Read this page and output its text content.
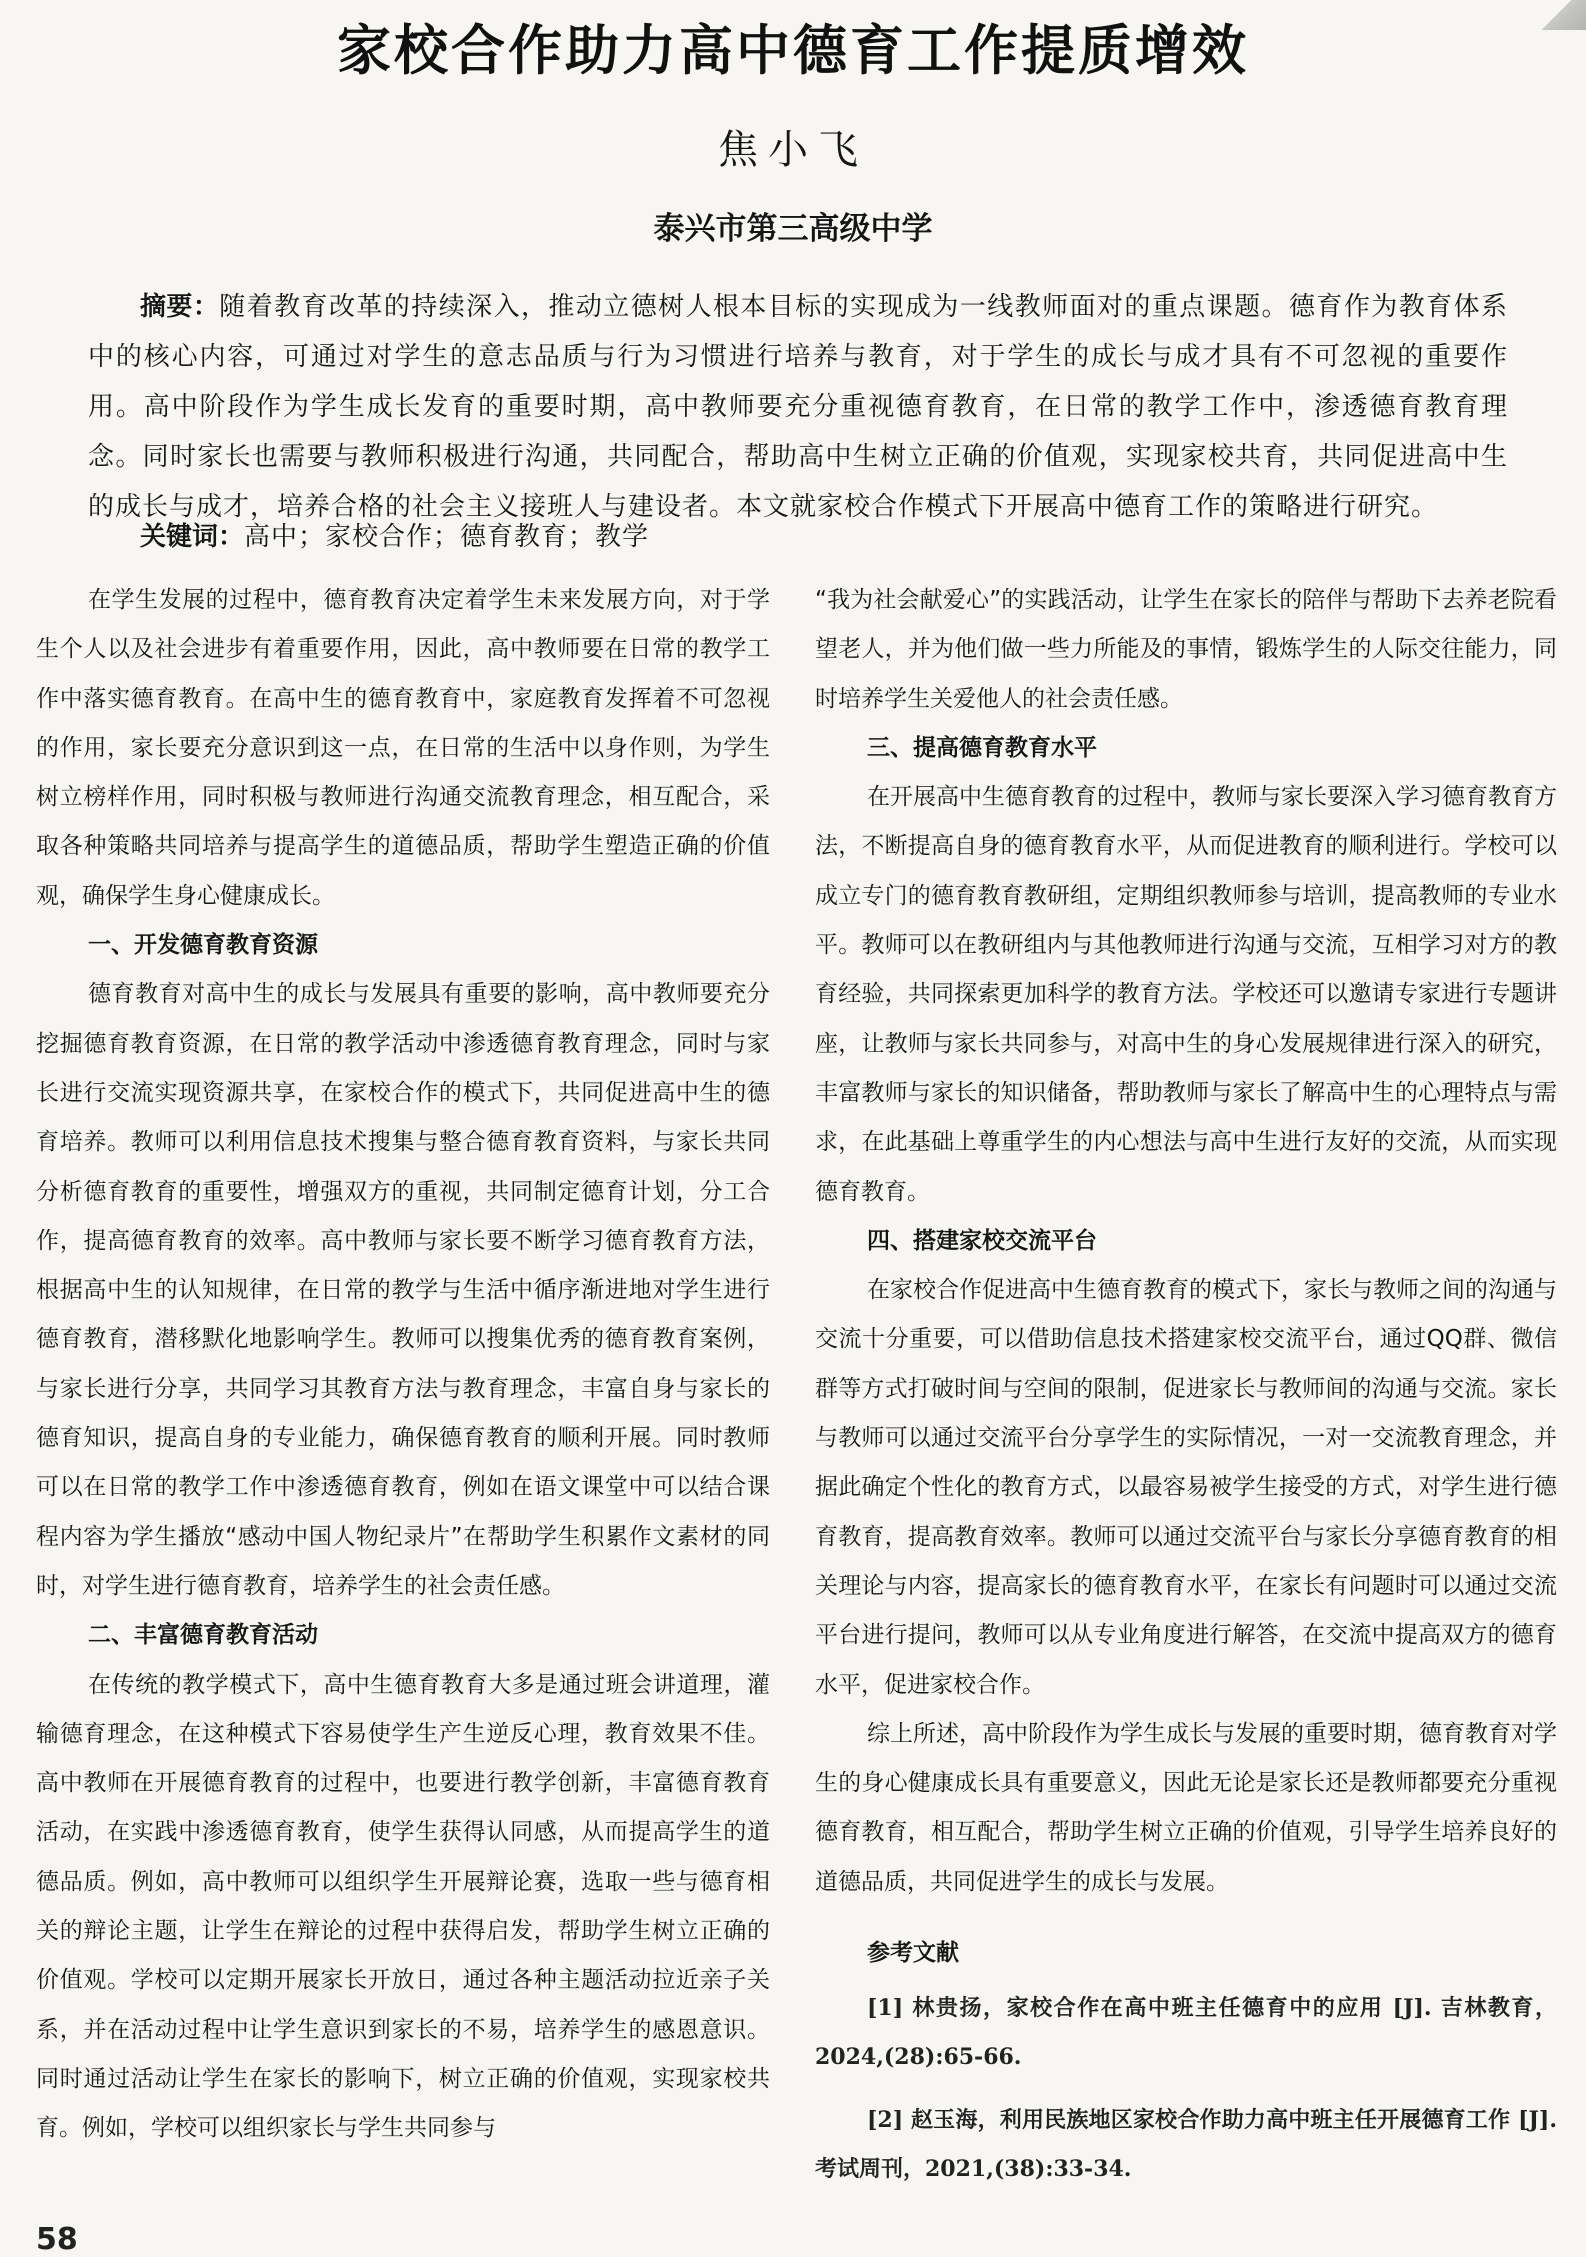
家校合作助力高中德育工作提质增效
焦小飞
泰兴市第三高级中学
摘要：随着教育改革的持续深入，推动立德树人根本目标的实现成为一线教师面对的重点课题。德育作为教育体系中的核心内容，可通过对学生的意志品质与行为习惯进行培养与教育，对于学生的成长与成才具有不可忽视的重要作用。高中阶段作为学生成长发育的重要时期，高中教师要充分重视德育教育，在日常的教学工作中，渗透德育教育理念。同时家长也需要与教师积极进行沟通，共同配合，帮助高中生树立正确的价值观，实现家校共育，共同促进高中生的成长与成才，培养合格的社会主义接班人与建设者。本文就家校合作模式下开展高中德育工作的策略进行研究。
关键词：高中；家校合作；德育教育；教学

在学生发展的过程中，德育教育决定着学生未来发展方向，对于学生个人以及社会进步有着重要作用，因此，高中教师要在日常的教学工作中落实德育教育。在高中生的德育教育中，家庭教育发挥着不可忽视的作用，家长要充分意识到这一点，在日常的生活中以身作则，为学生树立榜样作用，同时积极与教师进行沟通交流教育理念，相互配合，采取各种策略共同培养与提高学生的道德品质，帮助学生塑造正确的价值观，确保学生身心健康成长。

一、开发德育教育资源

德育教育对高中生的成长与发展具有重要的影响，高中教师要充分挖掘德育教育资源，在日常的教学活动中渗透德育教育理念，同时与家长进行交流实现资源共享，在家校合作的模式下，共同促进高中生的德育培养。教师可以利用信息技术搜集与整合德育教育资料，与家长共同分析德育教育的重要性，增强双方的重视，共同制定德育计划，分工合作，提高德育教育的效率。高中教师与家长要不断学习德育教育方法，根据高中生的认知规律，在日常的教学与生活中循序渐进地对学生进行德育教育，潜移默化地影响学生。教师可以搜集优秀的德育教育案例，与家长进行分享，共同学习其教育方法与教育理念，丰富自身与家长的德育知识，提高自身的专业能力，确保德育教育的顺利开展。同时教师可以在日常的教学工作中渗透德育教育，例如在语文课堂中可以结合课程内容为学生播放“感动中国人物纪录片”在帮助学生积累作文素材的同时，对学生进行德育教育，培养学生的社会责任感。

二、丰富德育教育活动

在传统的教学模式下，高中生德育教育大多是通过班会讲道理，灌输德育理念，在这种模式下容易使学生产生逆反心理，教育效果不佳。高中教师在开展德育教育的过程中，也要进行教学创新，丰富德育教育活动，在实践中渗透德育教育，使学生获得认同感，从而提高学生的道德品质。例如，高中教师可以组织学生开展辩论赛，选取一些与德育相关的辩论主题，让学生在辩论的过程中获得启发，帮助学生树立正确的价值观。学校可以定期开展家长开放日，通过各种主题活动拉近亲子关系，并在活动过程中让学生意识到家长的不易，培养学生的感恩意识。同时通过活动让学生在家长的影响下，树立正确的价值观，实现家校共育。例如，学校可以组织家长与学生共同参与

“我为社会献爱心”的实践活动，让学生在家长的陪伴与帮助下去养老院看望老人，并为他们做一些力所能及的事情，锻炼学生的人际交往能力，同时培养学生关爱他人的社会责任感。

三、提高德育教育水平

在开展高中生德育教育的过程中，教师与家长要深入学习德育教育方法，不断提高自身的德育教育水平，从而促进教育的顺利进行。学校可以成立专门的德育教育教研组，定期组织教师参与培训，提高教师的专业水平。教师可以在教研组内与其他教师进行沟通与交流，互相学习对方的教育经验，共同探索更加科学的教育方法。学校还可以邀请专家进行专题讲座，让教师与家长共同参与，对高中生的身心发展规律进行深入的研究，丰富教师与家长的知识储备，帮助教师与家长了解高中生的心理特点与需求，在此基础上尊重学生的内心想法与高中生进行友好的交流，从而实现德育教育。

四、搭建家校交流平台

在家校合作促进高中生德育教育的模式下，家长与教师之间的沟通与交流十分重要，可以借助信息技术搭建家校交流平台，通过QQ群、微信群等方式打破时间与空间的限制，促进家长与教师间的沟通与交流。家长与教师可以通过交流平台分享学生的实际情况，一对一交流教育理念，并据此确定个性化的教育方式，以最容易被学生接受的方式，对学生进行德育教育，提高教育效率。教师可以通过交流平台与家长分享德育教育的相关理论与内容，提高家长的德育教育水平，在家长有问题时可以通过交流平台进行提问，教师可以从专业角度进行解答，在交流中提高双方的德育水平，促进家校合作。

综上所述，高中阶段作为学生成长与发展的重要时期，德育教育对学生的身心健康成长具有重要意义，因此无论是家长还是教师都要充分重视德育教育，相互配合，帮助学生树立正确的价值观，引导学生培养良好的道德品质，共同促进学生的成长与发展。

参考文献

[1] 林贵扬，家校合作在高中班主任德育中的应用 [J]. 吉林教育，2024,(28):65-66.

[2] 赵玉海，利用民族地区家校合作助力高中班主任开展德育工作 [J]. 考试周刊，2021,(38):33-34.

58
